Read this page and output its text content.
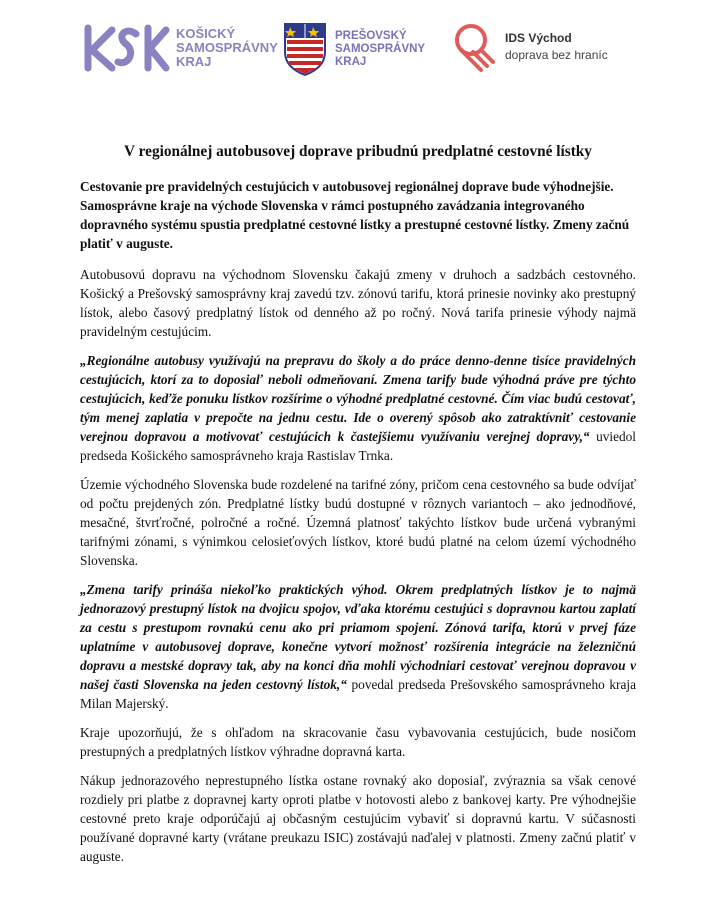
KOŠICKÝ
SAMOSPRÁVNY
KRAJ
PREŠOVSKÝ
SAMOSPRÁVNY
KRAJ
IDS Východ
doprava bez hraníc
V regionálnej autobusovej doprave pribudnú predplatné cestovné lístky

Cestovanie pre pravidelných cestujúcich v autobusovej regionálnej doprave bude výhodnejšie. Samosprávne kraje na východe Slovenska v rámci postupného zavádzania integrovaného dopravného systému spustia predplatné cestovné lístky a prestupné cestovné lístky. Zmeny začnú platiť v auguste.

Autobusovú dopravu na východnom Slovensku čakajú zmeny v druhoch a sadzbách cestovného. Košický a Prešovský samosprávny kraj zavedú tzv. zónovú tarifu, ktorá prinesie novinky ako prestupný lístok, alebo časový predplatný lístok od denného až po ročný. Nová tarifa prinesie výhody najmä pravidelným cestujúcim.

„Regionálne autobusy využívajú na prepravu do školy a do práce denno-denne tisíce pravidelných cestujúcich, ktorí za to doposiaľ neboli odmeňovaní. Zmena tarify bude výhodná práve pre týchto cestujúcich, keďže ponuku lístkov rozšírime o výhodné predplatné cestovné. Čím viac budú cestovať, tým menej zaplatia v prepočte na jednu cestu. Ide o overený spôsob ako zatraktívniť cestovanie verejnou dopravou a motivovať cestujúcich k častejšiemu využívaniu verejnej dopravy,“ uviedol predseda Košického samosprávneho kraja Rastislav Trnka.

Územie východného Slovenska bude rozdelené na tarifné zóny, pričom cena cestovného sa bude odvíjať od počtu prejdených zón. Predplatné lístky budú dostupné v rôznych variantoch – ako jednodňové, mesačné, štvrťročné, polročné a ročné. Územná platnosť takýchto lístkov bude určená vybranými tarifnými zónami, s výnimkou celosieťových lístkov, ktoré budú platné na celom území východného Slovenska.

„Zmena tarify prináša niekoľko praktických výhod. Okrem predplatných lístkov je to najmä jednorazový prestupný lístok na dvojicu spojov, vďaka ktorému cestujúci s dopravnou kartou zaplatí za cestu s prestupom rovnakú cenu ako pri priamom spojení. Zónová tarifa, ktorú v prvej fáze uplatníme v autobusovej doprave, konečne vytvorí možnosť rozšírenia integrácie na železničnú dopravu a mestské dopravy tak, aby na konci dňa mohli východniari cestovať verejnou dopravou v našej časti Slovenska na jeden cestovný lístok,“ povedal predseda Prešovského samosprávneho kraja Milan Majerský.

Kraje upozorňujú, že s ohľadom na skracovanie času vybavovania cestujúcich, bude nosičom prestupných a predplatných lístkov výhradne dopravná karta.

Nákup jednorazového neprestupného lístka ostane rovnaký ako doposiaľ, zvýraznia sa však cenové rozdiely pri platbe z dopravnej karty oproti platbe v hotovosti alebo z bankovej karty. Pre výhodnejšie cestovné preto kraje odporúčajú aj občasným cestujúcim vybaviť si dopravnú kartu. V súčasnosti používané dopravné karty (vrátane preukazu ISIC) zostávajú naďalej v platnosti. Zmeny začnú platiť v auguste.
